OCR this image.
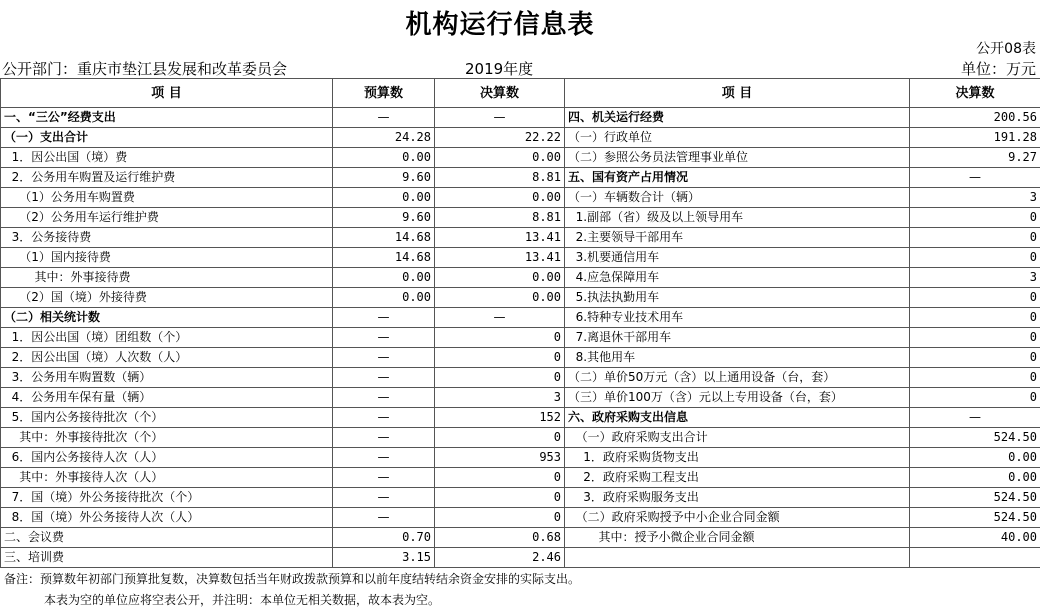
机构运行信息表
公开08表
公开部门：重庆市垫江县发展和改革委员会	2019年度	单位：万元
项 目	预算数	决算数	项 目	决算数
一、“三公”经费支出	—	—	四、机关运行经费	200.56
（一）支出合计	24.28	22.22	（一）行政单位	191.28
1．因公出国（境）费	0.00	0.00	（二）参照公务员法管理事业单位	9.27
2．公务用车购置及运行维护费	9.60	8.81	五、国有资产占用情况	—
（1）公务用车购置费	0.00	0.00	（一）车辆数合计（辆）	3
（2）公务用车运行维护费	9.60	8.81	1.副部（省）级及以上领导用车	0
3．公务接待费	14.68	13.41	2.主要领导干部用车	0
（1）国内接待费	14.68	13.41	3.机要通信用车	0
其中：外事接待费	0.00	0.00	4.应急保障用车	3
（2）国（境）外接待费	0.00	0.00	5.执法执勤用车	0
（二）相关统计数	—	—	6.特种专业技术用车	0
1．因公出国（境）团组数（个）	—	0	7.离退休干部用车	0
2．因公出国（境）人次数（人）	—	0	8.其他用车	0
3．公务用车购置数（辆）	—	0	（二）单价50万元（含）以上通用设备（台，套）	0
4．公务用车保有量（辆）	—	3	（三）单价100万（含）元以上专用设备（台，套）	0
5．国内公务接待批次（个）	—	152	六、政府采购支出信息	—
其中：外事接待批次（个）	—	0	（一）政府采购支出合计	524.50
6．国内公务接待人次（人）	—	953	1．政府采购货物支出	0.00
其中：外事接待人次（人）	—	0	2．政府采购工程支出	0.00
7．国（境）外公务接待批次（个）	—	0	3．政府采购服务支出	524.50
8．国（境）外公务接待人次（人）	—	0	（二）政府采购授予中小企业合同金额	524.50
二、会议费	0.70	0.68	其中：授予小微企业合同金额	40.00
三、培训费	3.15	2.46		
备注：预算数年初部门预算批复数，决算数包括当年财政拨款预算和以前年度结转结余资金安排的实际支出。
本表为空的单位应将空表公开，并注明：本单位无相关数据，故本表为空。
